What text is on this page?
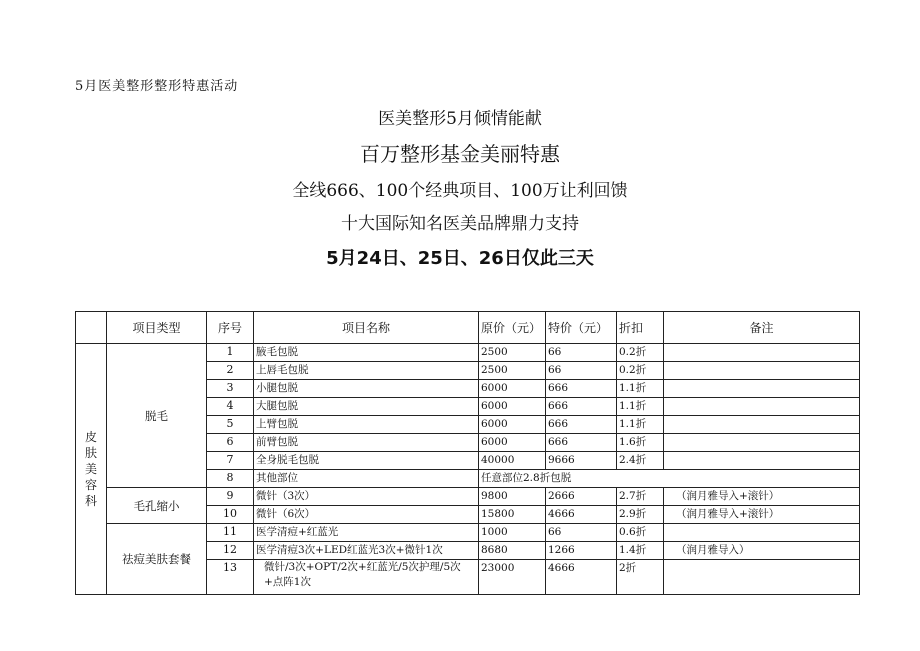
5月医美整形整形特惠活动
医美整形5月倾情能献
百万整形基金美丽特惠
全线666、100个经典项目、100万让利回馈
十大国际知名医美品牌鼎力支持
5月24日、25日、26日仅此三天
	项目类型	序号	项目名称	原价（元）	特价（元）	折扣	备注
皮
肤
美
容
科	脱毛	1	腋毛包脱	2500	66	0.2折	
		2	上唇毛包脱	2500	66	0.2折	
		3	小腿包脱	6000	666	1.1折	
		4	大腿包脱	6000	666	1.1折	
		5	上臂包脱	6000	666	1.1折	
		6	前臂包脱	6000	666	1.6折	
		7	全身脱毛包脱	40000	9666	2.4折	
		8	其他部位	任意部位2.8折包脱			
	毛孔缩小	9	微针（3次）	9800	2666	2.7折	（润月雅导入+滚针）
		10	微针（6次）	15800	4666	2.9折	（润月雅导入+滚针）
	祛痘美肤套餐	11	医学清痘+红蓝光	1000	66	0.6折	
		12	医学清痘3次+LED红蓝光3次+微针1次	8680	1266	1.4折	（润月雅导入）
		13	微针/3次+OPT/2次+红蓝光/5次护理/5次+点阵1次	23000	4666	2折	
